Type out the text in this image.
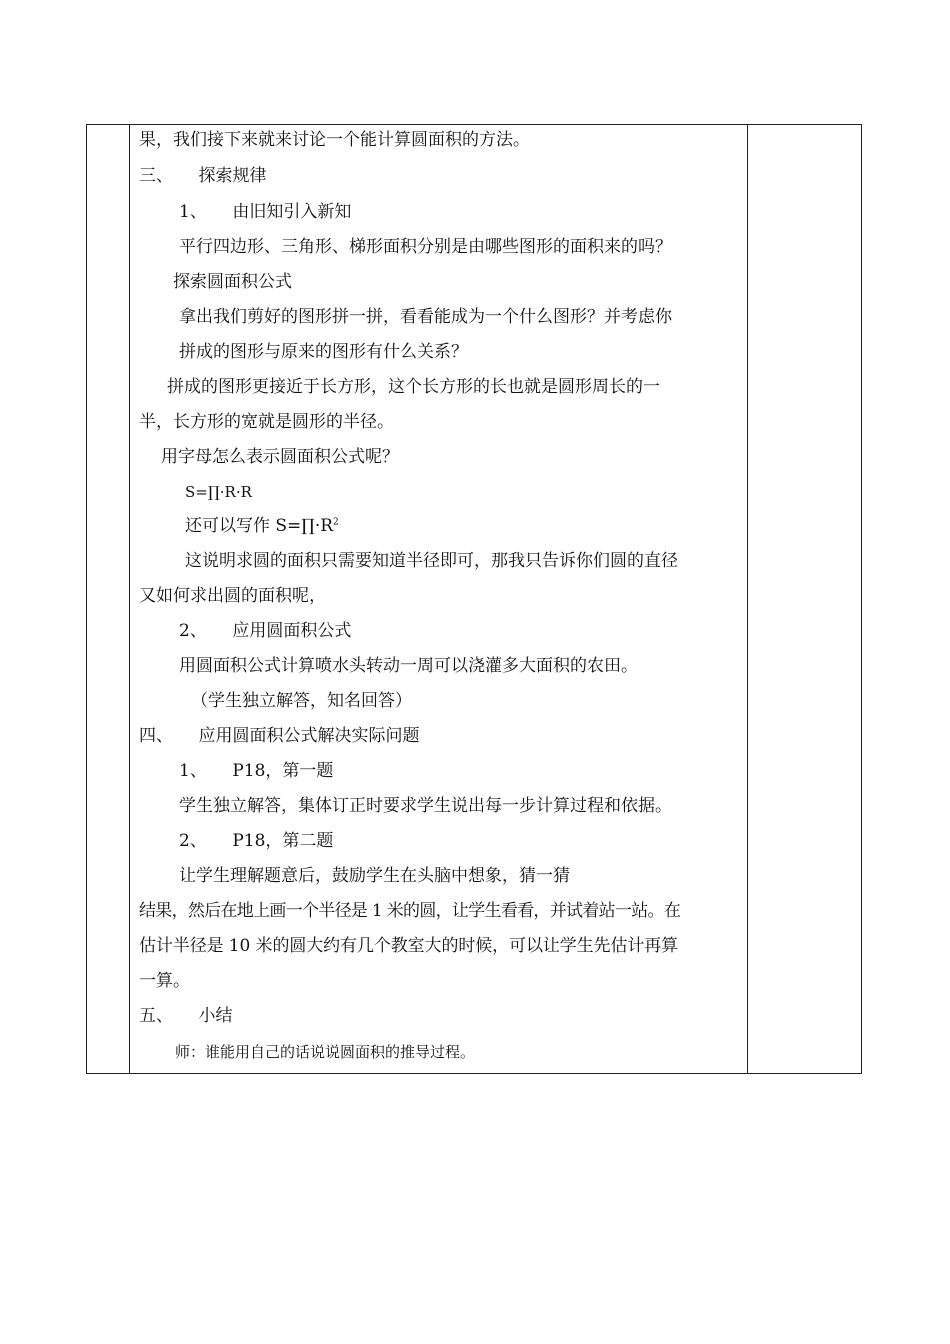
果，我们接下来就来讨论一个能计算圆面积的方法。
三、　　探索规律
1、　　由旧知引入新知
平行四边形、三角形、梯形面积分别是由哪些图形的面积来的吗？
探索圆面积公式
拿出我们剪好的图形拼一拼，看看能成为一个什么图形？并考虑你
拼成的图形与原来的图形有什么关系？
拼成的图形更接近于长方形，这个长方形的长也就是圆形周长的一
半，长方形的宽就是圆形的半径。
用字母怎么表示圆面积公式呢？
S=∏·R·R
还可以写作 $S=\prod\cdot R^2$
这说明求圆的面积只需要知道半径即可，那我只告诉你们圆的直径
又如何求出圆的面积呢，
2、　　应用圆面积公式
用圆面积公式计算喷水头转动一周可以浇灌多大面积的农田。
（学生独立解答，知名回答）
四、　　应用圆面积公式解决实际问题
1、　　P18，第一题
学生独立解答，集体订正时要求学生说出每一步计算过程和依据。
2、　　P18，第二题
让学生理解题意后，鼓励学生在头脑中想象，猜一猜
结果，然后在地上画一个半径是 1 米的圆，让学生看看，并试着站一站。在
估计半径是 10 米的圆大约有几个教室大的时候，可以让学生先估计再算
一算。
五、　　小结
师：谁能用自己的话说说圆面积的推导过程。
